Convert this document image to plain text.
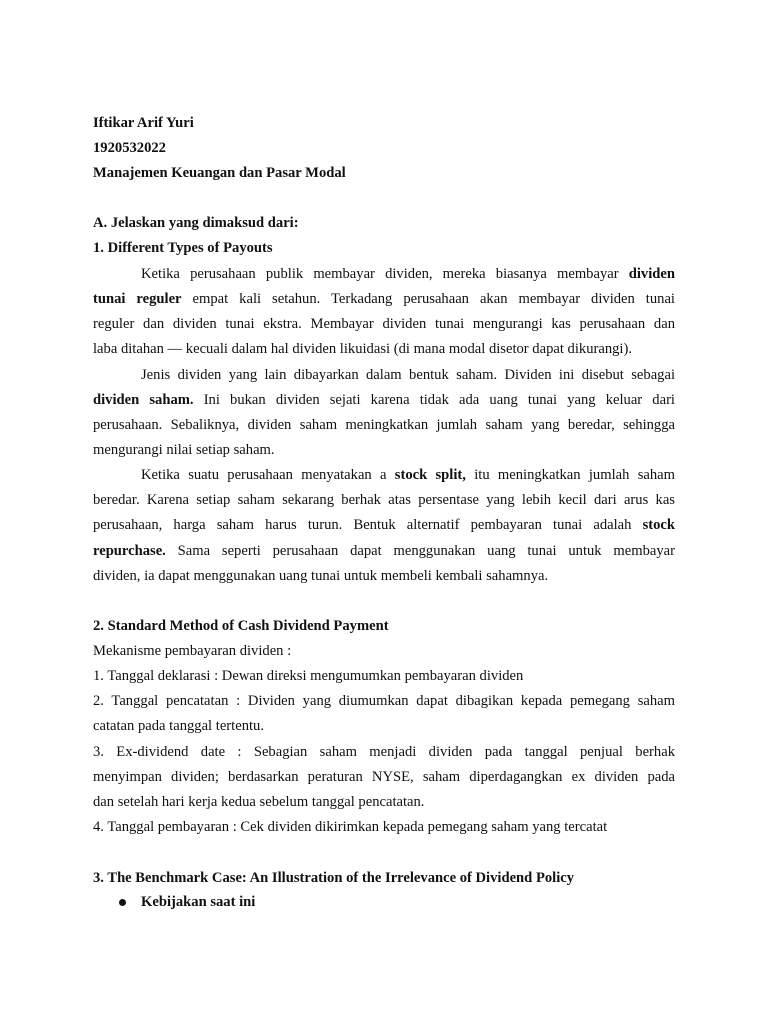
Iftikar Arif Yuri
1920532022
Manajemen Keuangan dan Pasar Modal
A. Jelaskan yang dimaksud dari:
1. Different Types of Payouts
Ketika perusahaan publik membayar dividen, mereka biasanya membayar dividen
tunai reguler empat kali setahun. Terkadang perusahaan akan membayar dividen tunai
reguler dan dividen tunai ekstra. Membayar dividen tunai mengurangi kas perusahaan dan
laba ditahan — kecuali dalam hal dividen likuidasi (di mana modal disetor dapat dikurangi).
Jenis dividen yang lain dibayarkan dalam bentuk saham. Dividen ini disebut sebagai
dividen saham. Ini bukan dividen sejati karena tidak ada uang tunai yang keluar dari
perusahaan. Sebaliknya, dividen saham meningkatkan jumlah saham yang beredar, sehingga
mengurangi nilai setiap saham.
Ketika suatu perusahaan menyatakan a stock split, itu meningkatkan jumlah saham
beredar. Karena setiap saham sekarang berhak atas persentase yang lebih kecil dari arus kas
perusahaan, harga saham harus turun. Bentuk alternatif pembayaran tunai adalah stock
repurchase. Sama seperti perusahaan dapat menggunakan uang tunai untuk membayar
dividen, ia dapat menggunakan uang tunai untuk membeli kembali sahamnya.
2. Standard Method of Cash Dividend Payment
Mekanisme pembayaran dividen :
1. Tanggal deklarasi : Dewan direksi mengumumkan pembayaran dividen
2. Tanggal pencatatan : Dividen yang diumumkan dapat dibagikan kepada pemegang saham
catatan pada tanggal tertentu.
3. Ex-dividend date : Sebagian saham menjadi dividen pada tanggal penjual berhak
menyimpan dividen; berdasarkan peraturan NYSE, saham diperdagangkan ex dividen pada
dan setelah hari kerja kedua sebelum tanggal pencatatan.
4. Tanggal pembayaran : Cek dividen dikirimkan kepada pemegang saham yang tercatat
3. The Benchmark Case: An Illustration of the Irrelevance of Dividend Policy
Kebijakan saat ini
